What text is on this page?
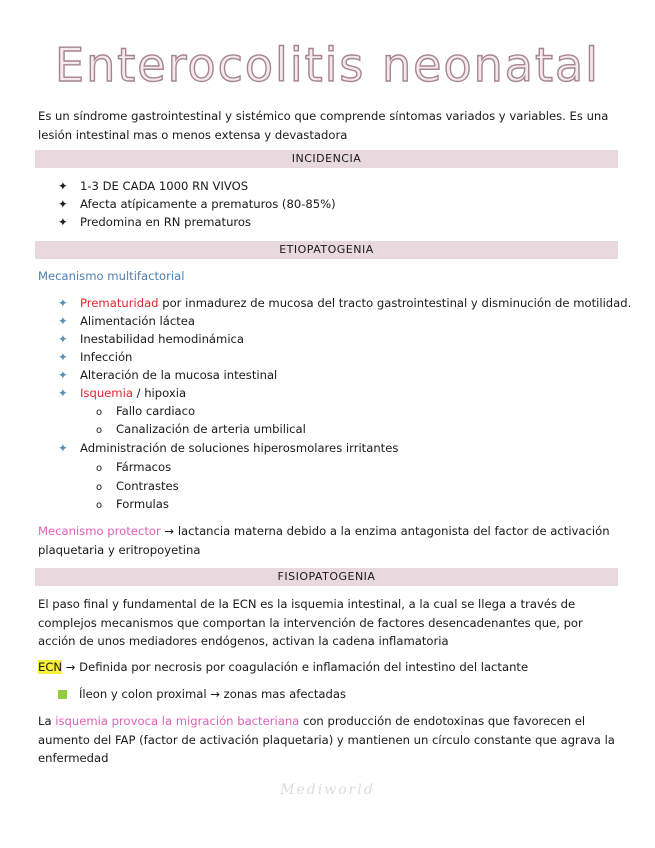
Enterocolitis neonatal
Es un síndrome gastrointestinal y sistémico que comprende síntomas variados y variables. Es una lesión intestinal mas o menos extensa y devastadora
INCIDENCIA
✦ 1-3 DE CADA 1000 RN VIVOS
✦ Afecta atípicamente a prematuros (80-85%)
✦ Predomina en RN prematuros
ETIOPATOGENIA
Mecanismo multifactorial
✦ Prematuridad por inmadurez de mucosa del tracto gastrointestinal y disminución de motilidad.
✦ Alimentación láctea
✦ Inestabilidad hemodinámica
✦ Infección
✦ Alteración de la mucosa intestinal
✦ Isquemia / hipoxia
o Fallo cardiaco
o Canalización de arteria umbilical
✦ Administración de soluciones hiperosmolares irritantes
o Fármacos
o Contrastes
o Formulas
Mecanismo protector → lactancia materna debido a la enzima antagonista del factor de activación plaquetaria y eritropoyetina
FISIOPATOGENIA
El paso final y fundamental de la ECN es la isquemia intestinal, a la cual se llega a través de complejos mecanismos que comportan la intervención de factores desencadenantes que, por acción de unos mediadores endógenos, activan la cadena inflamatoria
ECN → Definida por necrosis por coagulación e inflamación del intestino del lactante
Íleon y colon proximal → zonas mas afectadas
La isquemia provoca la migración bacteriana con producción de endotoxinas que favorecen el aumento del FAP (factor de activación plaquetaria) y mantienen un círculo constante que agrava la enfermedad
Mediworld
